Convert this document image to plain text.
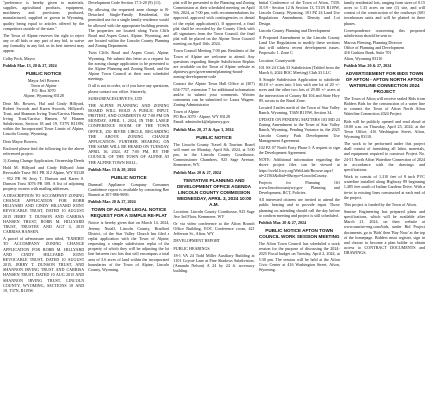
"preference is hereby given to materials, supplies, agricultural products, equipment, machinery and provisions produced, manufactured, supplied or grown in Wyoming, quality being equal to articles offered by the competitors outside of the state."

The Town of Alpine reserves the right to reject any or all bids or any part of any bid, to waive any formality in any bid, as its best interest may appear.

Colby Peck, Mayor

Publish Mar. 13, 20 & 27, 2024

PUBLIC NOTICE

Mayor Jeff Bowers
Town of Alpine
P.O. Box 3070
Alpine, Wyoming 83128

Dear Mr. Bowers, Hal and Cindy Hillyard, Robert Swoods and Karen Swoods, Hillyard's Trust, and Shannon Irving Trust/Carrisa Hansen, Irving Trust/Carrisa Hansen, W Hansen Subdivision, Section 18 and 19, T37N R118W, within the Incorporated Town Limits of Alpine, Lincoln County, Wyoming.

Dear Mayor Bowers,

Enclosed please find the following for the above referenced project:

1) Zoning Change Application, Ownership Deeds

Hold M. Hillyard and Cindy Hillyard Joint Revocable Trust: 801 PR 312 Alpine, WY 83128 - 952 PR 96 Jerry T. Dunson and Karen S. Dunson Trust 3076 PR 108. A list of adjoining property owners with mailing addresses,

A DESCRIPTION TO ACCOMPANY ZONING CHANGE APPLICATION FOR ROBB HILLYARD AND CINDY HILLYARD JOINT REVOCABLE TRUST, DATED 10 AUGUST 2015 JERRY T. DUNSON AND CARRISA HANSEN TRUST, ROBB M. HILLYARD TRUST, TRUSTEE AND AGT 3, 2015 CARRISA HANSEN.

A parcel of ad-measure area titled, "EXHIBIT TO ACCOMPANY ZONING CHANGE APPLICATION FOR ROBB M. HILLYARD AND CINDY HILLYARD JOINT REVOCABLE TRUST, DATED 10 AUGUST 2015, JERRY T. DUNSON TRUST, AND SHANNON IRVING TRUST AND CARRISA HANSEN TRUST, DATED 10 AUG 2015 AND SHANNON IRVING TRUST, LINCOLN COUNTY, WYOMING, SECTIONS 18 AND 19, T37N, R118W.

Development Code Section 17.3-20 (9) (11).

By allowing the requested zone change to R-Detached Single-Family Residential, the permitted use for a single family residence would be allowed with the appropriate building permits. The properties are located along Twin Cliffs Road and Aspen Court, Alpine, Wyoming, and are located within the Lincoln County Planning and Zoning Department.

Twin Cliffs Road and Aspen Court, Alpine, Wyoming. We submit this letter as a request for the zoning change application to be presented to the Alpine Planning and Zoning Board, and the Alpine Town Council at their next scheduled meetings.

If all is not in order, or if you have any questions, please contact our office. Sincerely,

SUBSURFACESURVEYS, LTD

THE ALPINE PLANNING AND ZONING BOARD WILL HOLD A PUBLIC INPUT, PROTEST, AND COMMENTS AT 7:00 PM ON MONDAY, APRIL 1, 2024, IN THE LARGE CONFERENCE ROOM OF THE TOWN OFFICE, 250 RIVER CIRCLE, REGARDING THE ABOVE ZONING CHANGE APPLICATION. FURTHER HEARING ON THE SAME WILL BE HEARD ON TUESDAY, APRIL 16, 2024, AT 7:00 PM, BY THE COUNCIL OF THE TOWN OF ALPINE AT THE ALPINE TOWN HALL.

Publish Mar. 13 & 20, 2024

PUBLIC NOTICE

Dunmail Appliance Company Consumer Confidence report is available by contacting Ben Barnett at 307-886-9690.

Publish Mar. 20 & 27, 2024

TOWN OF ALPINE LEGAL NOTICE REQUEST FOR A SIMPLE RE-PLAT

Notice is hereby given that on March 14, 2024, Jeremy Nutall, Lincoln County, Bradford District, of the Star Valley Church has filed a replat application with the Town of Alpine, requesting a simple subdivision replat of the property of which they will be adjusting the lot line between two lots that will encompass a total area of 3.6 acres of land within the incorporated boundaries of the Town of Alpine, Lincoln County, Wyoming.

plat will be presented to the Planning and Zoning Commission at their scheduled meeting on April 9th, 2024, at 7:00 pm, with recommendations for approval, approval with contingencies or denial of the replat application(s). If approved, a final plat shall be recorded by the County Clerk with all signatures from the Town Council, the final plat will be placed on the Alpine Town Council meeting on April 16th, 2024.

Town Council Meeting 7:00 pm. Residents of the Town of Alpine are welcome to attend. Any questions regarding Simple Subdivision Replats are available on the Town of Alpine website at alpinewy.gov/government/planning-board-zoning-development-code

Contact the Alpine Town Hall Office at (307) 654-7757, extension 7 for additional information and/or to submit your comments. Written comments can be submitted to: Laura Wagner, Zoning Administrator

Town of Alpine
PO Box 3070 - Alpine, WY 83128
Email: adminclerk@alpinewy.gov

Publish Mar. 20, 27 & Apr. 3, 2024

PUBLIC NOTICE

The Lincoln County Travel & Tourism Board will meet on Monday, April 8th, 2024, at 5:00 pm, in the Lincoln County Courthouse, Commissioner Chambers, 925 Sage Avenue, Kemmerer, WY.

Publish Mar. 20 & 27, 2024

TENTATIVE PLANNING AND DEVELOPMENT OFFICE AGENDA LINCOLN COUNTY COMMISSION WEDNESDAY, APRIL 3, 2024 10:00 A.M.

Location: Lincoln County Courthouse, 925 Sage Ave 3rd Floor, Kemmerer, WY

Or via video conference at the Afton Branch Office Building, EOC Conference room, 421 Jefferson St., Afton, WY

DEVELOPMENT REPORT

PUBLIC HEARINGS

18-1 VA 24 Todd Miller Auxiliary Building at 1101 Coyote Lane at Pine Shadows Subdivision. (Amanda Nelson) A 24 by 24 ft. accessory building.

Initial Conference of the Town of Afton, 7339, 01/19 - Section 12 & Section 13, T31N R119W, Lincoln County, Wyoming. 101 PZ 24 Land Use Regulations Amendment, Density and Lot Design.

Lincoln County Planning and Development

A Proposed Amendment to the Lincoln County Land Use Regulations to modify these sections that will address recent development issues. Proposals: 1. Zone C

Location: Countywide

101 SS 24 Club 33 Subdivision (Tabled from the March 6, 2024 BOC Meeting) Club 33 LLC

A Simple Subdivision Application to subdivide 80.10 +/- acres into 3 lots with one lot of 20 +/- acres and the other two lots of 29.80 +/- acres at the intersection of County Rd 104 and State Hwy 89, across to the Rural Zone.

Located 3 miles north of the Town of Star Valley Ranch, Wyoming, T36N R119W, Section 34.

UPDATE ON PENDING MATTERS 103 MD 24 Zoning Amendment to the Town of Star Valley Ranch, Wyoming. Pending Variance in, the 2025 Lincoln County Park Development Use Management Agreement.

102 PZ 07 North Forty Phase I: A request to sign the Development Agreement.

NOTE: Additional information regarding the above project files can be viewed at https://webl.lcwy.org/WebLink/Browse.aspx?id=21563&dbid=0&repo=LincolnCounty.

Projects for Planning Off www.lincolncountywy.gov Planning and Development, RCT, Policies.

All interested citizens are invited to attend the public hearing and to provide input. Those planning on attending should call the day before to confirm meeting and project is still scheduled.

Publish Mar. 20 & 27, 2024

PUBLIC NOTICE AFTON TOWN COUNCIL WORK SESSION MEETING

The Afton Town Council has scheduled a work session for the purpose of discussing the 2024-2025 Fiscal budget on Tuesday, April 2, 2024, at 5:30 pm. The session will be held at the Afton Civic Center at 416 Washington Street, Afton, Wyoming.

family residential lots, ranging from sizes of 0.15 acres to 1.33 acres on one (1) site, and will consist of the construction of the roadways (601 townhouses units and will be platted in three phases.

Correspondence concerning this proposed subdivision should be sent to:

Marcus Fleming, Planning Director
Office of Planning and Development
416 Gaskins Bank, Suite 701
Alton, Wyoming 83110

Publish Mar. 20 & 27, 2024

ADVERTISEMENT FOR BIDS TOWN OF AFTON - AFTON NORTH AFTON WATERLINE CONNECTION 2024 PROJECT

The Town of Afton will receive sealed Bids from Bidders Bids for the construction of a water line to connect the Town of Afton North Afton Waterline Connection 2024 Project.

Bids will be publicly opened and read aloud at 10:00 a.m. on Thursday, April 25, 2024, at the Town Office, 416 Washington Street, Afton, Wyoming 83110.

The work to be performed under this project shall consist of furnishing all labor, materials, and equipment required to construct Project No. 24-51 North Afton Waterline Connection of 2024 in accordance with the drawings and specifications.

Work to consist of 1,310 feet of 8 inch PVC waterline installed along Highway 89 beginning 1,485 feet south of Indian Gardens Drive. With a tie-in to existing lines constructed at each end of the project.

This project is funded by the Town of Afton.

Sunrise Engineering has prepared plans and specifications, which will be available after March 21, 2024, on their website at www.sunrise-eng.com/bids, under Bid Project documents, go to 'Bids' then 'Buy Now' at the top of the homepage. Bidders must register, sign in and choose to become a plan holder to obtain access to CONTRACT DOCUMENTS and DRAWINGS.
